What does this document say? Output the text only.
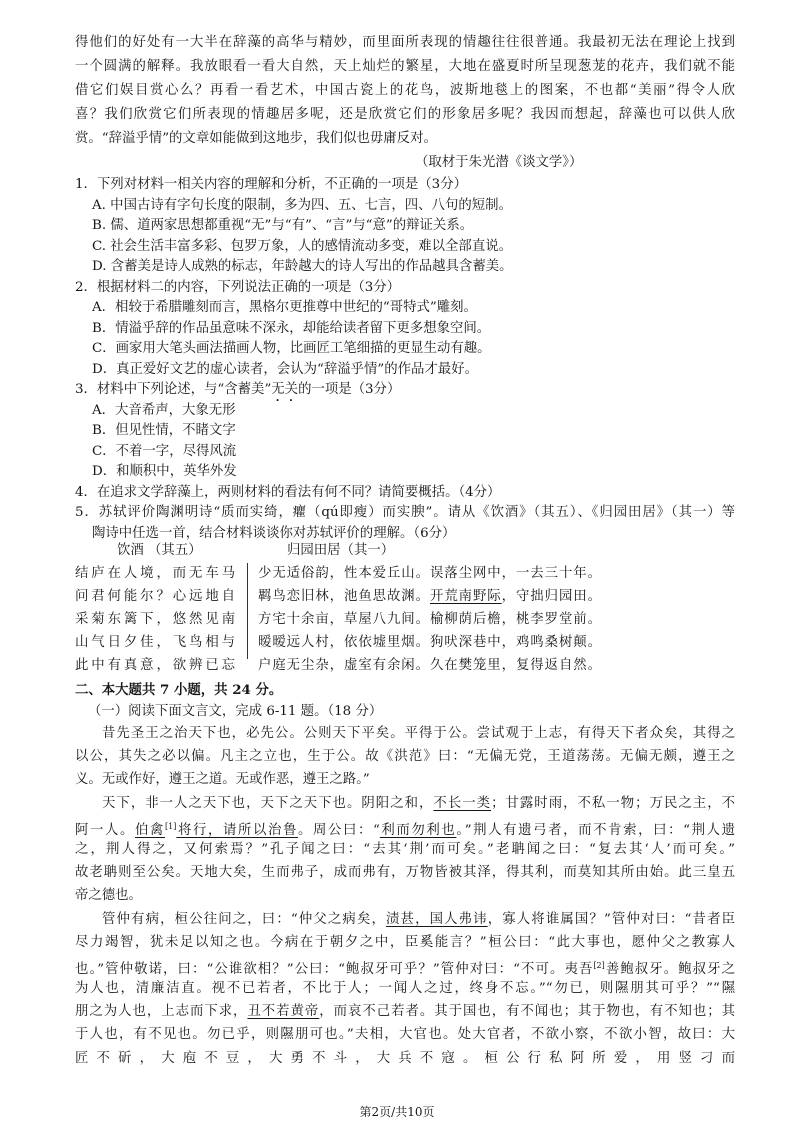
得他们的好处有一大半在辞藻的高华与精妙，而里面所表现的情趣往往很普通。我最初无法在理论上找到
一个圆满的解释。我放眼看一看大自然，天上灿烂的繁星，大地在盛夏时所呈现葱茏的花卉，我们就不能
借它们娱目赏心么？再看一看艺术，中国古瓷上的花鸟，波斯地毯上的图案，不也都“美丽”得令人欣
喜？我们欣赏它们所表现的情趣居多呢，还是欣赏它们的形象居多呢？我因而想起，辞藻也可以供人欣
赏。“辞溢乎情”的文章如能做到这地步，我们似也毋庸反对。
（取材于朱光潜《谈文学》）
1．下列对材料一相关内容的理解和分析，不正确的一项是（3分）
A. 中国古诗有字句长度的限制，多为四、五、七言，四、八句的短制。
B. 儒、道两家思想都重视“无”与“有”、“言”与“意”的辩证关系。
C. 社会生活丰富多彩、包罗万象，人的感情流动多变，难以全部直说。
D. 含蓄美是诗人成熟的标志，年龄越大的诗人写出的作品越具含蓄美。
2．根据材料二的内容，下列说法正确的一项是（3分）
A．相较于希腊雕刻而言，黑格尔更推尊中世纪的“哥特式”雕刻。
B．情溢乎辞的作品虽意味不深永，却能给读者留下更多想象空间。
C．画家用大笔头画法描画人物，比画匠工笔细描的更显生动有趣。
D．真正爱好文艺的虚心读者，会认为“辞溢乎情”的作品才最好。
3．材料中下列论述，与“含蓄美”无关的一项是（3分）
A．大音希声，大象无形
B．但见性情，不睹文字
C．不着一字，尽得风流
D．和顺积中，英华外发
4．在追求文学辞藻上，两则材料的看法有何不同？请简要概括。（4分）
5．苏轼评价陶渊明诗“质而实绮，癯（qú即瘦）而实腴”。请从《饮酒》（其五）、《归园田居》（其一）等
陶诗中任选一首，结合材料谈谈你对苏轼评价的理解。（6分）
饮酒 （其五）	归园田居（其一）
结庐在人境，而无车马
问君何能尔？心远地自
采菊东篱下，悠然见南
山气日夕佳，飞鸟相与
此中有真意，欲辨已忘
少无适俗韵，性本爱丘山。误落尘网中，一去三十年。
羁鸟恋旧林，池鱼思故渊。开荒南野际，守拙归园田。
方宅十余亩，草屋八九间。榆柳荫后檐，桃李罗堂前。
暧暧远人村，依依墟里烟。狗吠深巷中，鸡鸣桑树颠。
户庭无尘杂，虚室有余闲。久在樊笼里，复得返自然。
二、本大题共 7 小题，共 24 分。
（一）阅读下面文言文，完成 6-11 题。（18 分）
昔先圣王之治天下也，必先公。公则天下平矣。平得于公。尝试观于上志，有得天下者众矣，其得之
以公，其失之必以偏。凡主之立也，生于公。故《洪范》曰：“无偏无党，王道荡荡。无偏无颇，遵王之
义。无或作好，遵王之道。无或作恶，遵王之路。”
天下，非一人之天下也，天下之天下也。阴阳之和，不长一类；甘露时雨，不私一物；万民之主，不
阿一人。伯禽[1]将行，请所以治鲁。周公曰：“利而勿利也。”荆人有遗弓者，而不肯索，曰：“荆人遗
之，荆人得之，又何索焉？”孔子闻之曰：“去其‘荆’而可矣。”老聃闻之曰：“复去其‘人’而可矣。”
故老聃则至公矣。天地大矣，生而弗子，成而弗有，万物皆被其泽，得其利，而莫知其所由始。此三皇五
帝之德也。
管仲有病，桓公往问之，曰：“仲父之病矣，渍甚，国人弗讳，寡人将谁属国？”管仲对曰：“昔者臣
尽力竭智，犹未足以知之也。今病在于朝夕之中，臣奚能言？”桓公曰：“此大事也，愿仲父之教寡人
也。”管仲敬诺，曰：“公谁欲相？”公曰：“鲍叔牙可乎？”管仲对曰：“不可。夷吾[2]善鲍叔牙。鲍叔牙之
为人也，清廉洁直。视不已若者，不比于人；一闻人之过，终身不忘。”“勿已，则隰朋其可乎？”“隰
朋之为人也，上志而下求，丑不若黄帝，而哀不己若者。其于国也，有不闻也；其于物也，有不知也；其
于人也，有不见也。勿已乎，则隰朋可也。”夫相，大官也。处大官者，不欲小察，不欲小智，故曰：大
匠不斫，大庖不豆，大勇不斗，大兵不寇。桓公行私阿所爱，用竖刁而
第2页/共10页
